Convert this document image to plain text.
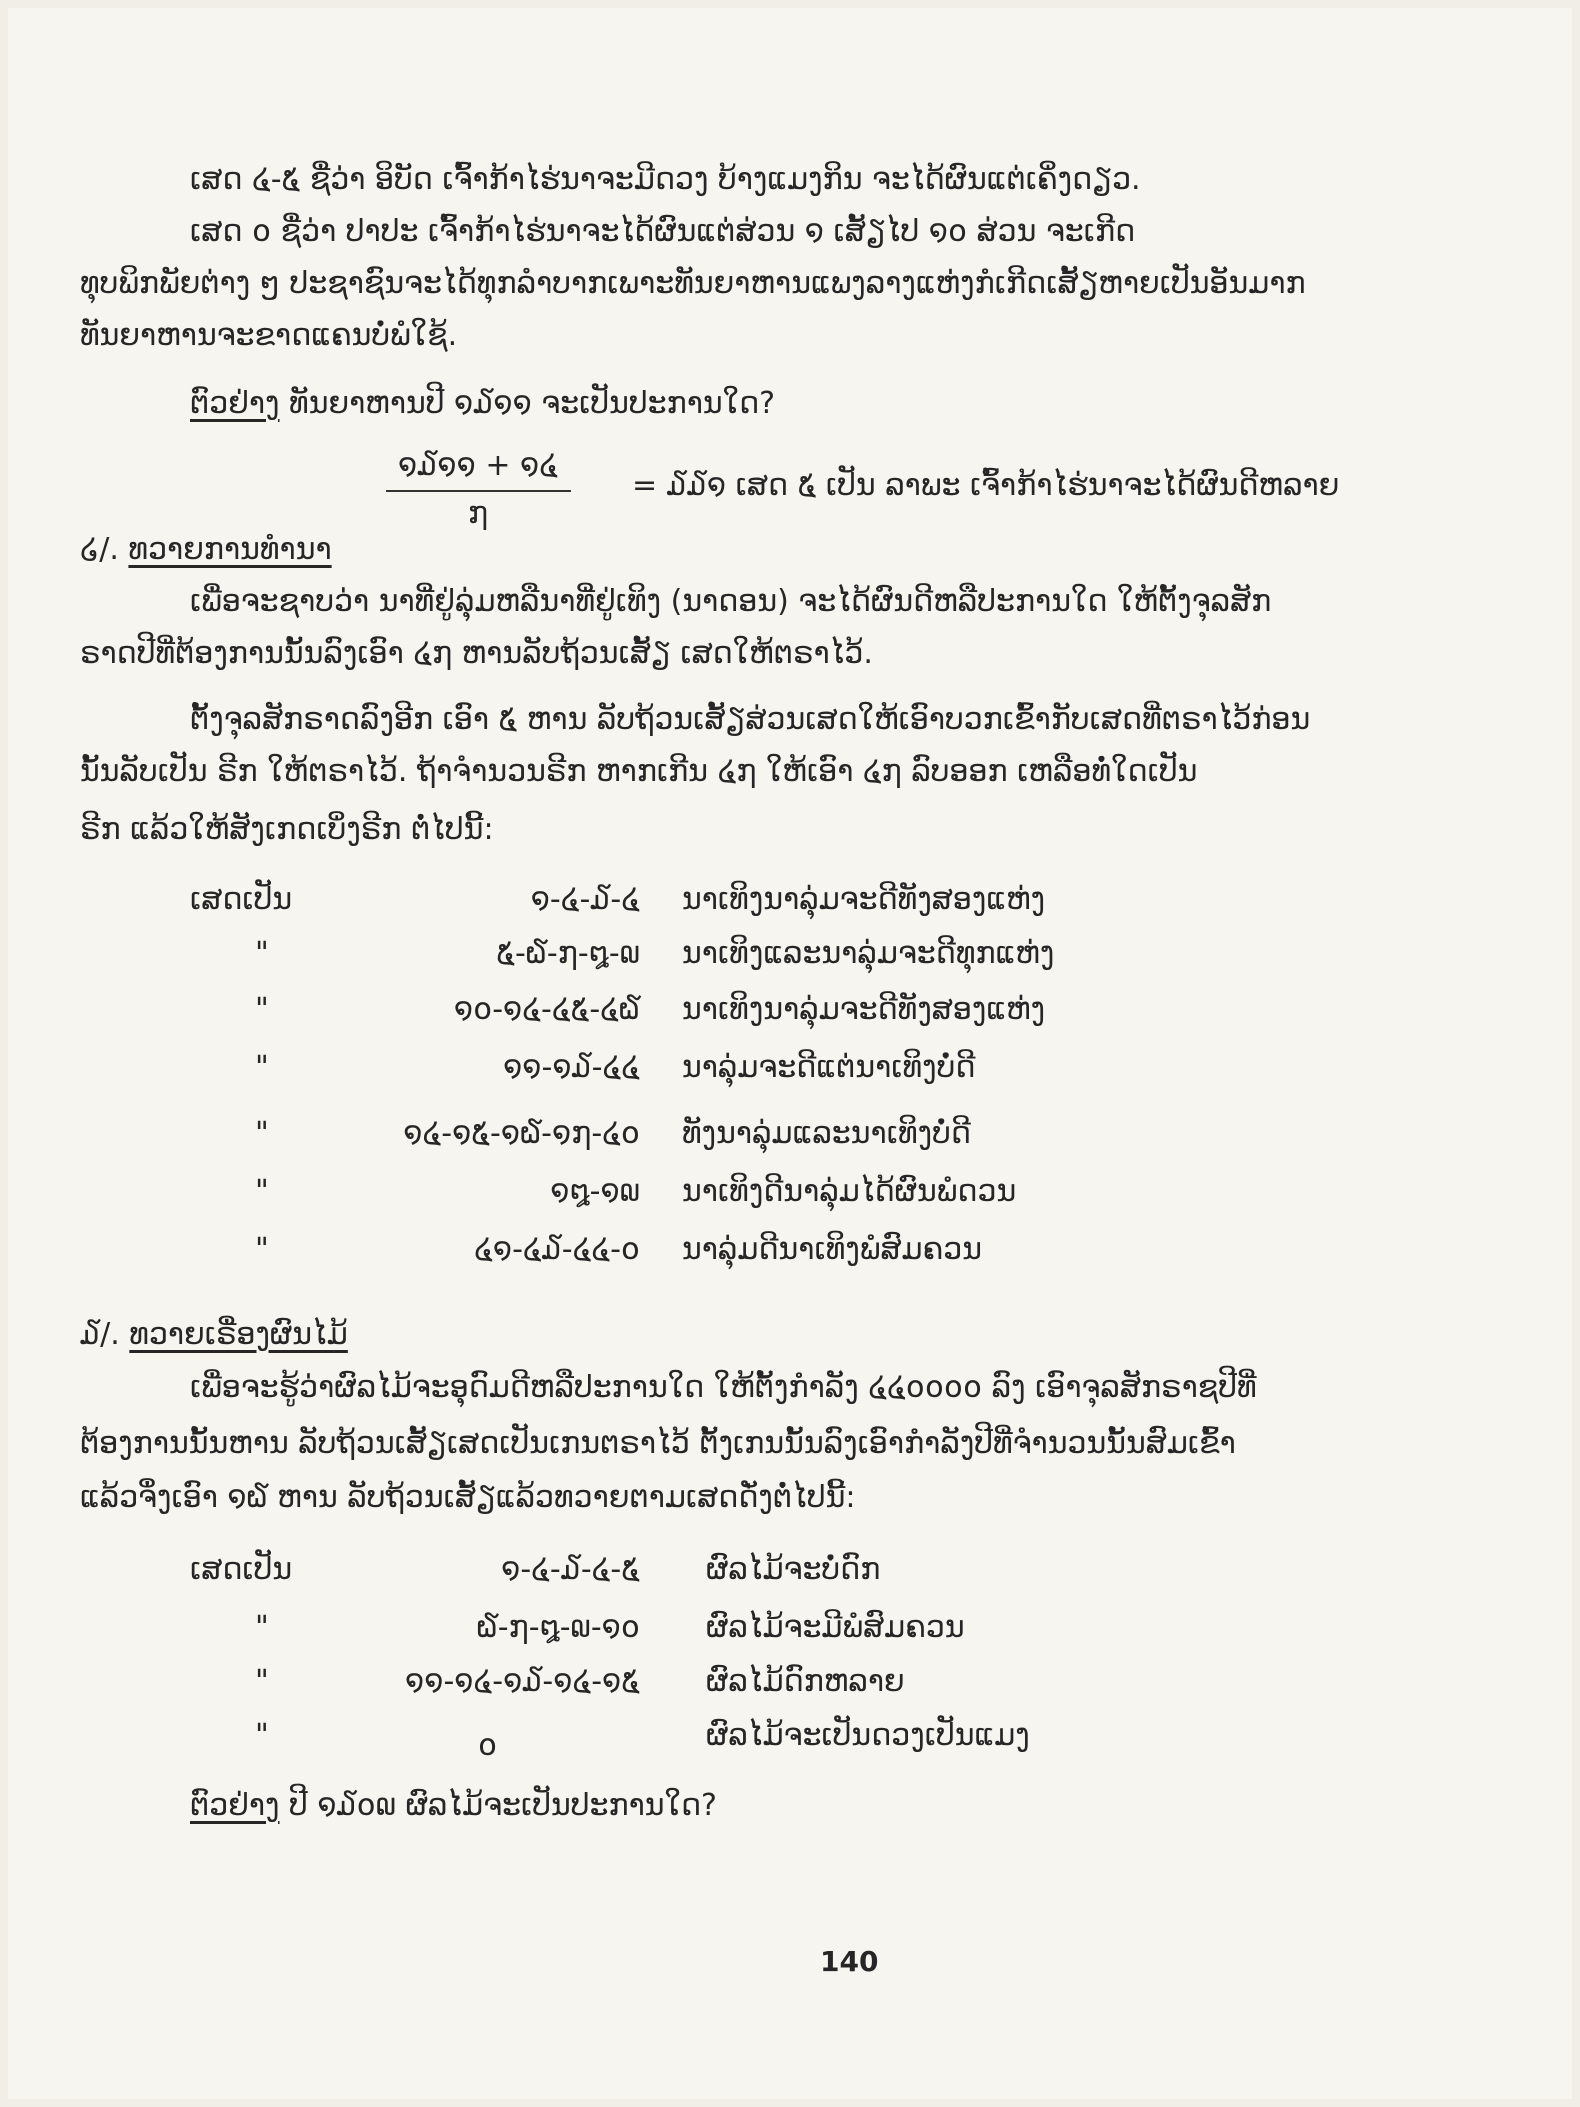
ເສດ ໔-໕ ຊື່ວ່າ ອິບັດ ເຈົ້າກ້າໄຮ່ນາຈະມີດວງ ບ້າງແມງກິນ ຈະໄດ້ຜົນແຕ່ເຄິ່ງດຽວ.
ເສດ ໐ ຊື່ວ່າ ປາປະ ເຈົ້າກ້າໄຮ່ນາຈະໄດ້ຜົນແຕ່ສ່ວນ ໑ ເສັ້ຽໄປ ໑໐ ສ່ວນ ຈະເກີດ
ທຸບພິກພັຍຕ່າງ ໆ ປະຊາຊົນຈະໄດ້ທຸກລຳບາກເພາະທັນຍາຫານແພງລາງແຫ່ງກໍເກີດເສັ້ຽຫາຍເປັນອັນມາກ
ທັນຍາຫານຈະຂາດແຄນບໍ່ພໍໃຊ້.
ຕົວຢ່າງ ທັນຍາຫານປີ ໑໓໑໑ ຈະເປັນປະການໃດ?
໑໓໑໑ + ໑໔
໗
= ໓໓໑ ເສດ ໕ ເປັນ ລາພະ ເຈົ້າກ້າໄຮ່ນາຈະໄດ້ຜົນດີຫລາຍ
໒/. ທວາຍການທຳນາ
ເພື່ອຈະຊາບວ່າ ນາທີ່ຢູ່ລຸ່ມຫລືນາທີ່ຢູ່ເທິງ (ນາດອນ) ຈະໄດ້ຜົນດີຫລືປະການໃດ ໃຫ້ຕັ້ງຈຸລສັກ
ຣາດປີທີ່ຕ້ອງການນັ້ນລົງເອົາ ໔໗ ຫານລັບຖ້ວນເສັ້ຽ ເສດໃຫ້ຕຣາໄວ້.
ຕັ້ງຈຸລສັກຣາດລົງອີກ ເອົາ ໕ ຫານ ລັບຖ້ວນເສັ້ຽສ່ວນເສດໃຫ້ເອົາບວກເຂົ້າກັບເສດທີ່ຕຣາໄວ້ກ່ອນ
ນັ້ນລັບເປັນ ຣີກ ໃຫ້ຕຣາໄວ້. ຖ້າຈຳນວນຣີກ ຫາກເກີນ ໔໗ ໃຫ້ເອົາ ໔໗ ລົບອອກ ເຫລືອທໍ່ໃດເປັນ
ຣີກ ແລ້ວໃຫ້ສັງເກດເບິ່ງຣີກ ຕໍ່ໄປນີ້:
ເສດເປັນ	໑-໔-໓-໔ ນາເທິງນາລຸ່ມຈະດີທັງສອງແຫ່ງ
"	໕-໖-໗-໘-໙ ນາເທິງແລະນາລຸ່ມຈະດີທຸກແຫ່ງ
"	໑໐-໑໔-໔໕-໔໖ ນາເທິງນາລຸ່ມຈະດີທັງສອງແຫ່ງ
"	໑໑-໑໓-໔໔ ນາລຸ່ມຈະດີແຕ່ນາເທິງບໍ່ດີ
"	໑໔-໑໕-໑໖-໑໗-໔໐ ທັງນາລຸ່ມແລະນາເທິງບໍ່ດີ
"	໑໘-໑໙ ນາເທິງດີນາລຸ່ມໄດ້ຜົນພໍດວນ
"	໔໑-໔໓-໔໔-໐ ນາລຸ່ມດີນາເທິງພໍສົມຄວນ
໓/. ທວາຍເຣື່ອງຜົນໄມ້
ເພື່ອຈະຮູ້ວ່າຜົລໄມ້ຈະອຸດົມດີຫລືປະການໃດ ໃຫ້ຕັ້ງກຳລັງ ໔໔໐໐໐໐ ລົງ ເອົາຈຸລສັກຣາຊປີທີ່
ຕ້ອງການນັ້ນຫານ ລັບຖ້ວນເສັ້ຽເສດເປັນເກນຕຣາໄວ້ ຕັ້ງເກນນັ້ນລົງເອົາກຳລັງປີທີ່ຈຳນວນນັ້ນສົມເຂົ້າ
ແລ້ວຈຶ່ງເອົາ ໑໖ ຫານ ລັບຖ້ວນເສັ້ຽແລ້ວທວາຍຕາມເສດດັ່ງຕໍ່ໄປນີ້:
ເສດເປັນ	໑-໔-໓-໔-໕ ຜົລໄມ້ຈະບໍ່ດົກ
"	໖-໗-໘-໙-໑໐ ຜົລໄມ້ຈະມີພໍສົມຄວນ
"	໑໑-໑໔-໑໓-໑໔-໑໕ ຜົລໄມ້ດົກຫລາຍ
"	໐	ຜົລໄມ້ຈະເປັນດວງເປັນແມງ
ຕົວຢ່າງ ປີ ໑໓໐໙ ຜົລໄມ້ຈະເປັນປະການໃດ?
140
